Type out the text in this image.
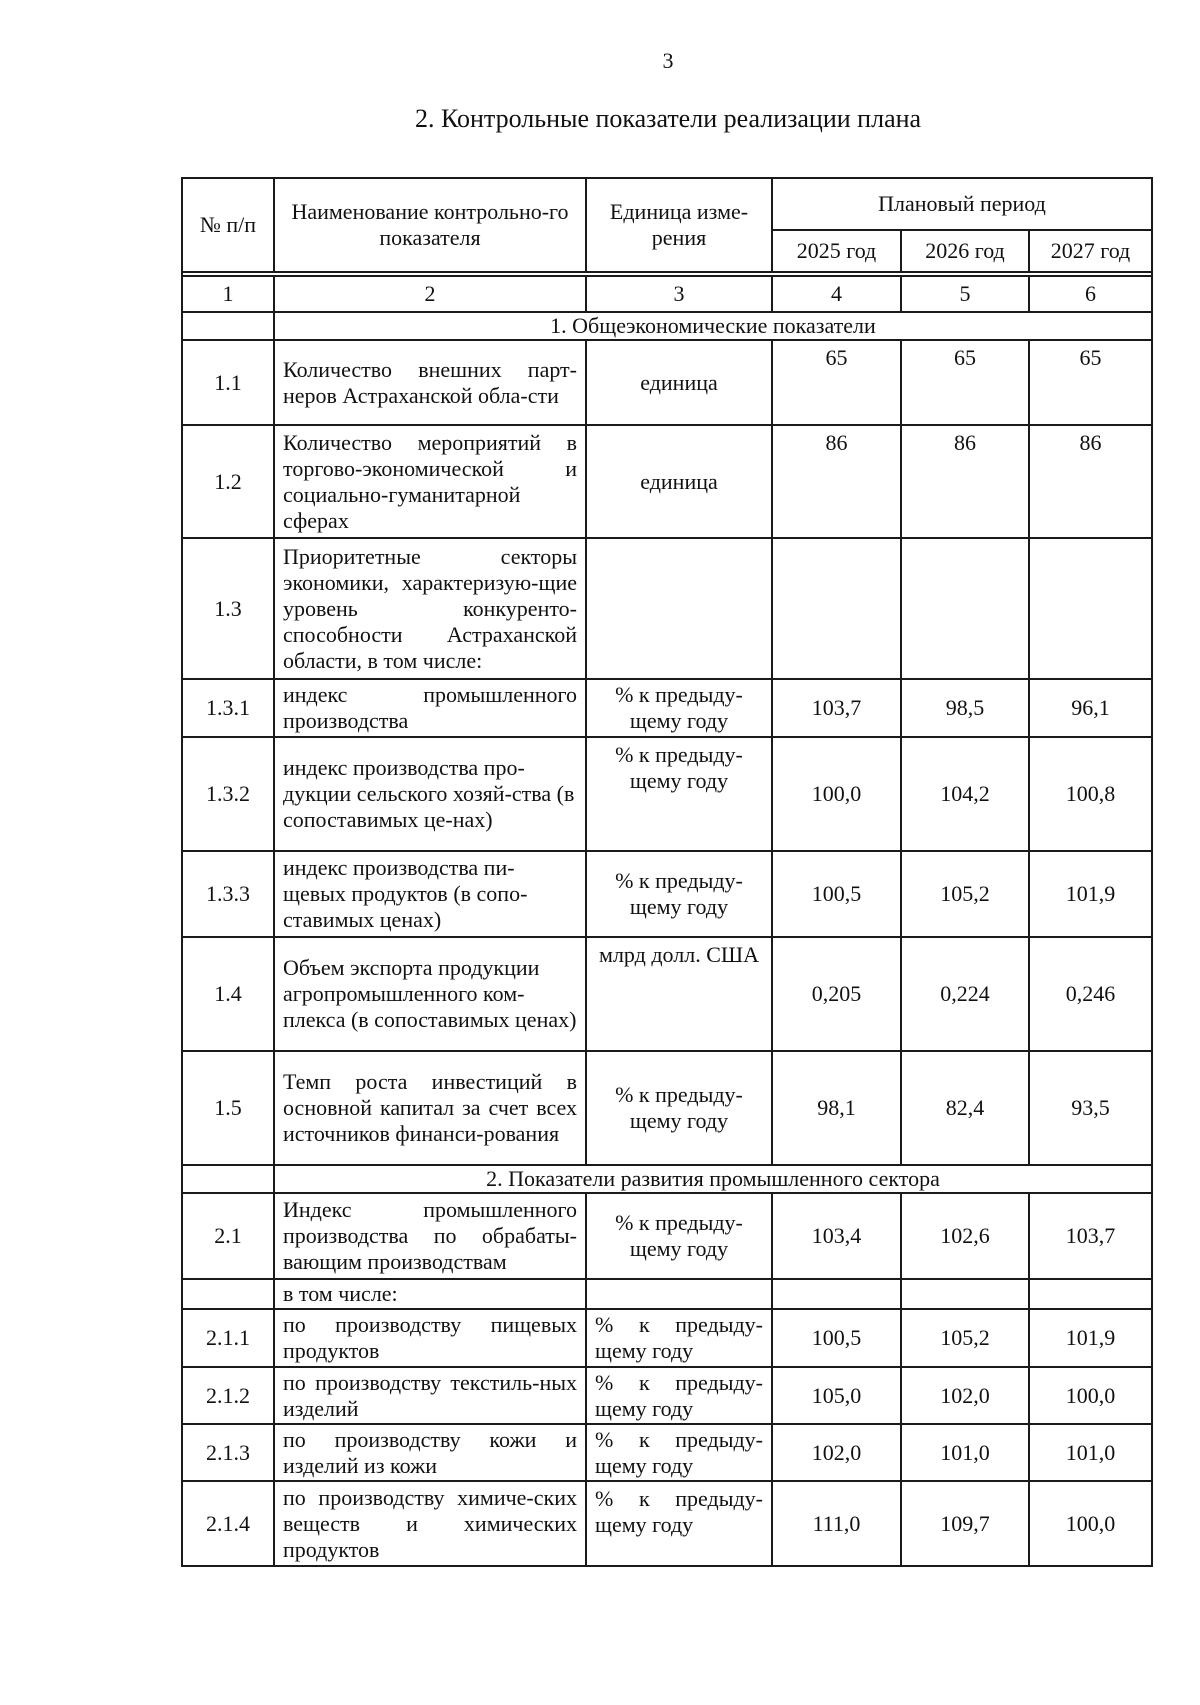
3
2. Контрольные показатели реализации плана
№ п/п	Наименование контрольно-го показателя	Единица изме-рения	Плановый период		
			2025 год	2026 год	2027 год

1	2	3	4	5	6
	1. Общеэкономические показатели				
1.1	Количество внешних парт-неров Астраханской обла-сти	единица	65	65	65
1.2	Количество мероприятий в торгово-экономической и социально-гуманитарной сферах	единица	86	86	86
1.3	Приоритетные секторы экономики, характеризую-щие уровень конкуренто-способности Астраханской области, в том числе:				
1.3.1	индекс промышленного производства	% к предыду-щему году	103,7	98,5	96,1
1.3.2	индекс производства про-дукции сельского хозяй-ства (в сопоставимых це-нах)	% к предыду-щему году	100,0	104,2	100,8
1.3.3	индекс производства пи-щевых продуктов (в сопо-ставимых ценах)	% к предыду-щему году	100,5	105,2	101,9
1.4	Объем экспорта продукции агропромышленного ком-плекса (в сопоставимых ценах)	млрд долл. США	0,205	0,224	0,246
1.5	Темп роста инвестиций в основной капитал за счет всех источников финанси-рования	% к предыду-щему году	98,1	82,4	93,5
	2. Показатели развития промышленного сектора				
2.1	Индекс промышленного производства по обрабаты-вающим производствам	% к предыду-щему году	103,4	102,6	103,7
	в том числе:				
2.1.1	по производству пищевых продуктов	% к предыду-щему году	100,5	105,2	101,9
2.1.2	по производству текстиль-ных изделий	% к предыду-щему году	105,0	102,0	100,0
2.1.3	по производству кожи и изделий из кожи	% к предыду-щему году	102,0	101,0	101,0
2.1.4	по производству химиче-ских веществ и химических продуктов	% к предыду-щему году	111,0	109,7	100,0
